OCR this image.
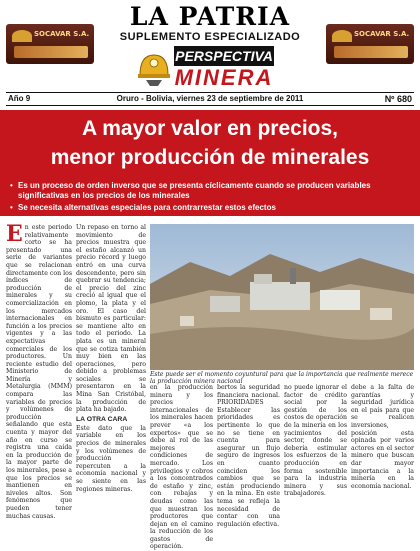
SOCAVAR S.A.	SOCAVAR S.A.
LA PATRIA
SUPLEMENTO ESPECIALIZADO
PERSPECTIVA
MINERA
Año 9	Oruro - Bolivia, viernes 23 de septiembre de 2011	Nº 680
A mayor valor en precios,
menor producción de minerales
• Es un proceso de orden inverso que se presenta cíclicamente cuando se producen variables significativas en los precios de los minerales
• Se necesita alternativas especiales para contrarrestar estos efectos
En este periodo relativamente corto se ha presentado una serie de variantes que se relacionan directamente con los índices de producción de minerales y su comercialización en los mercados internacionales en función a los precios vigentes y a las expectativas comerciales de los productores. Un reciente estudio del Ministerio de Minería y Metalurgia (MMM) compara las variables de precios y volúmenes de producción señalando que esta cuenta y mayor del año en curso se registra una caída en la producción de la mayor parte de los minerales, pese a que los precios se mantienen en niveles altos. Son fenómenos que pueden tener muchas causas.
Un repaso en torno al movimiento de precios muestra que el estaño alcanzó un precio récord y luego entró en una curva descendente, pero sin quebrar su tendencia; el precio del zinc creció al igual que el plomo, la plata y el oro. El caso del bismuto es particular: se mantiene alto en todo el periodo. La plata es un mineral que se cotiza también muy bien en las operaciones, pero debido a problemas sociales se presentaron en la Mina San Cristóbal, la producción de plata ha bajado.
LA OTRA CARA
Este dato que la variable en los precios de minerales y los volúmenes de producción repercuten a la economía nacional y se siente en las regiones mineras.
Este puede ser el momento coyuntural para que la importancia que realmente merece la producción minera nacional
en la producción minera y los precios internacionales de los minerales hacen prever «a los expertos» que se debe al rol de las mejores condiciones de mercado. Los privilegios y cobros a los concentrados de estaño y zinc, con rebajas y deudas como las que muestran los productores que dejan en el camino la reducción de los gastos de operación.
bertos la seguridad financiera nacional. PRIORIDADES Establecer las prioridades es pertinente lo que no se tiene en cuenta para asegurar un flujo seguro de ingresos en cuanto coinciden los cambios que se están produciendo en la mina. En este tema se refleja la necesidad de contar con una regulación efectiva.
no puede ignorar el factor de crédito social por la gestión de los costos de operación de la minería en los yacimientos del sector, donde se debería estimular los esfuerzos de la producción en forma sostenible para la industria minera y sus trabajadores.
debe a la falta de garantías y seguridad jurídica en el país para que se realicen inversiones, posición esta opinada por varios actores en el sector minero que buscan dar mayor importancia a la minería en la economía nacional.
